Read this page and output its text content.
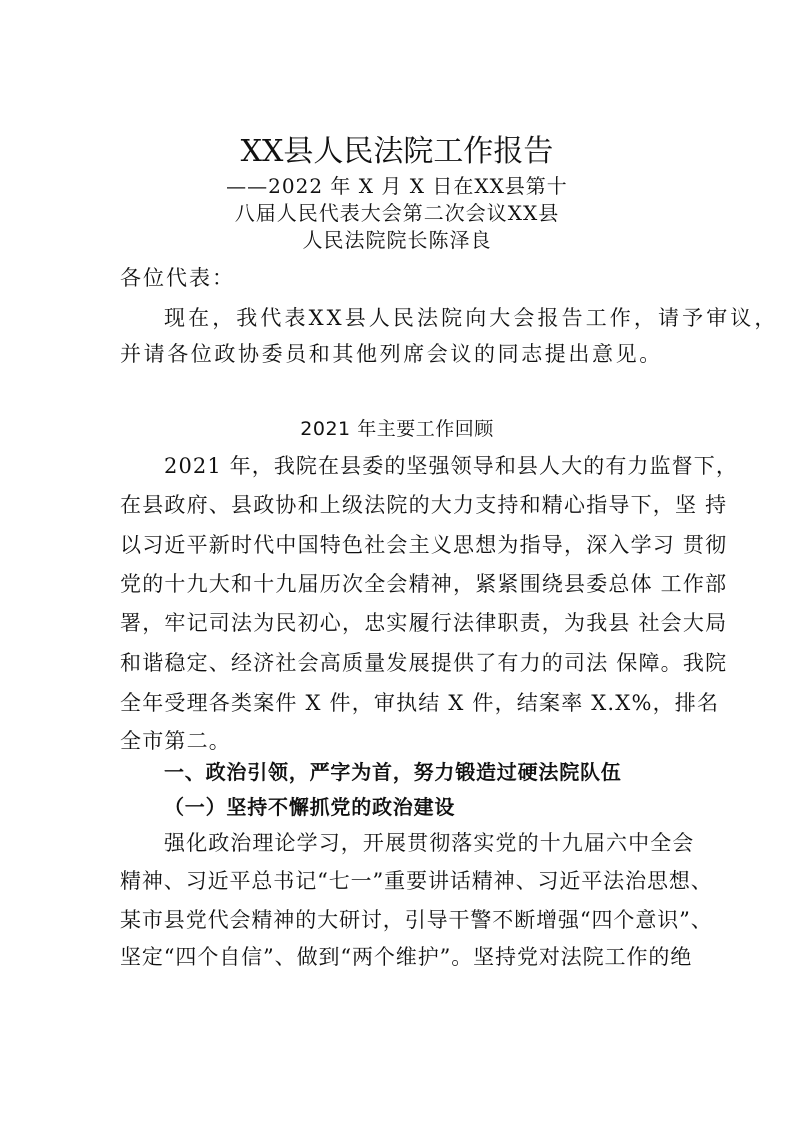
XX县人民法院工作报告
——2022 年 X 月 X 日在XX县第十
八届人民代表大会第二次会议XX县
人民法院院长陈泽良
各位代表：
现在，我代表XX县人民法院向大会报告工作，请予审议，
并请各位政协委员和其他列席会议的同志提出意见。
2021 年主要工作回顾
2021 年，我院在县委的坚强领导和县人大的有力监督下，
在县政府、县政协和上级法院的大力支持和精心指导下，坚 持
以习近平新时代中国特色社会主义思想为指导，深入学习 贯彻
党的十九大和十九届历次全会精神，紧紧围绕县委总体 工作部
署，牢记司法为民初心，忠实履行法律职责，为我县 社会大局
和谐稳定、经济社会高质量发展提供了有力的司法 保障。我院
全年受理各类案件 X 件，审执结 X 件，结案率 X.X%，排名
全市第二。
一、政治引领，严字为首，努力锻造过硬法院队伍
（一）坚持不懈抓党的政治建设
强化政治理论学习，开展贯彻落实党的十九届六中全会
精神、习近平总书记“七一”重要讲话精神、习近平法治思想、
某市县党代会精神的大研讨，引导干警不断增强“四个意识”、
坚定“四个自信”、做到“两个维护”。坚持党对法院工作的绝
